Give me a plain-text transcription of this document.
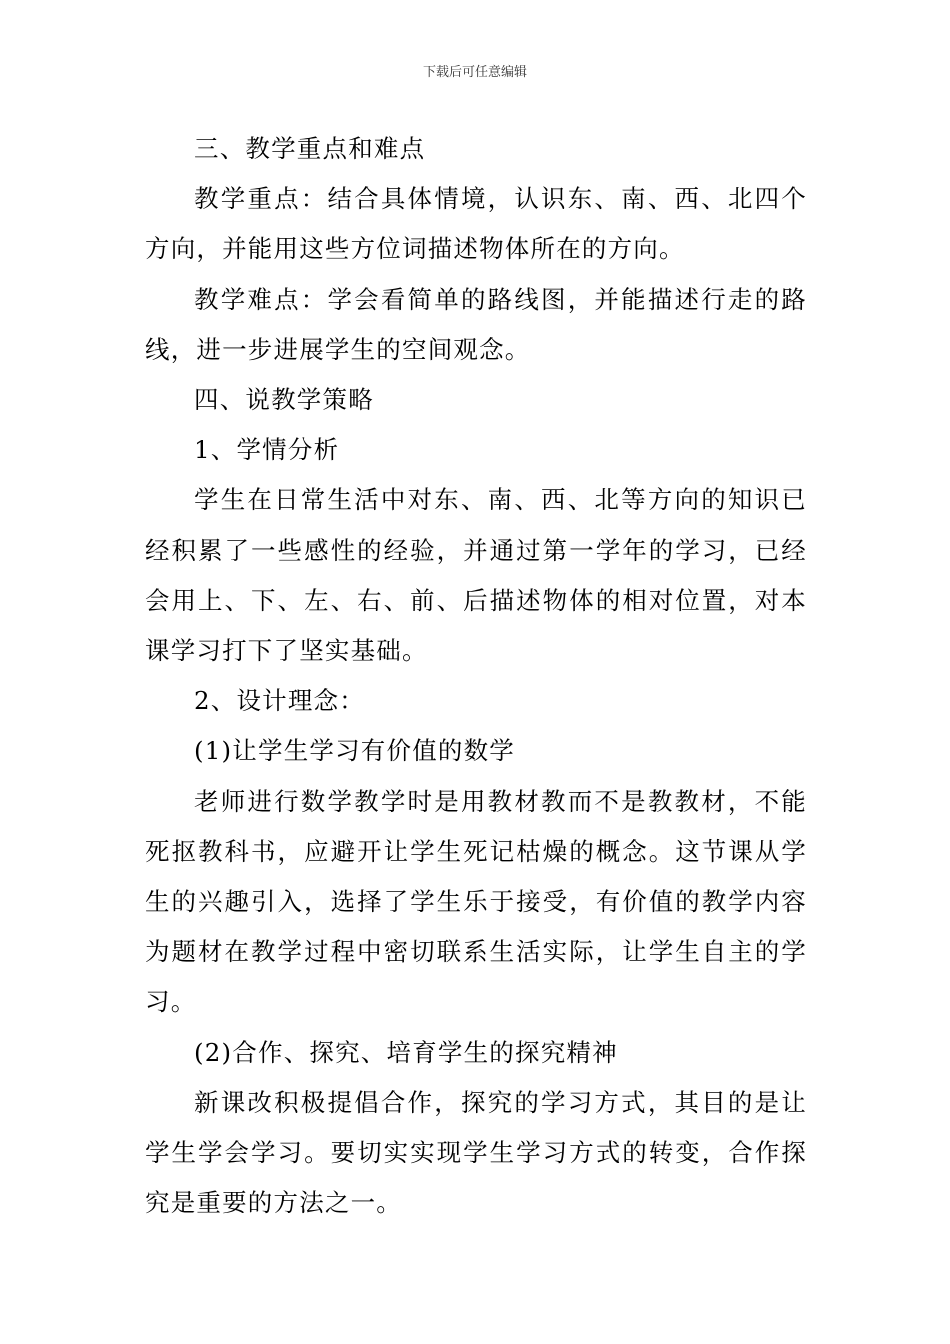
下载后可任意编辑

三、教学重点和难点

教学重点：结合具体情境，认识东、南、西、北四个方向，并能用这些方位词描述物体所在的方向。

教学难点：学会看简单的路线图，并能描述行走的路线，进一步进展学生的空间观念。

四、说教学策略

1、学情分析

学生在日常生活中对东、南、西、北等方向的知识已经积累了一些感性的经验，并通过第一学年的学习，已经会用上、下、左、右、前、后描述物体的相对位置，对本课学习打下了坚实基础。

2、设计理念：

(1)让学生学习有价值的数学

老师进行数学教学时是用教材教而不是教教材，不能死抠教科书，应避开让学生死记枯燥的概念。这节课从学生的兴趣引入，选择了学生乐于接受，有价值的教学内容为题材在教学过程中密切联系生活实际，让学生自主的学习。

(2)合作、探究、培育学生的探究精神

新课改积极提倡合作，探究的学习方式，其目的是让学生学会学习。要切实实现学生学习方式的转变，合作探究是重要的方法之一。
